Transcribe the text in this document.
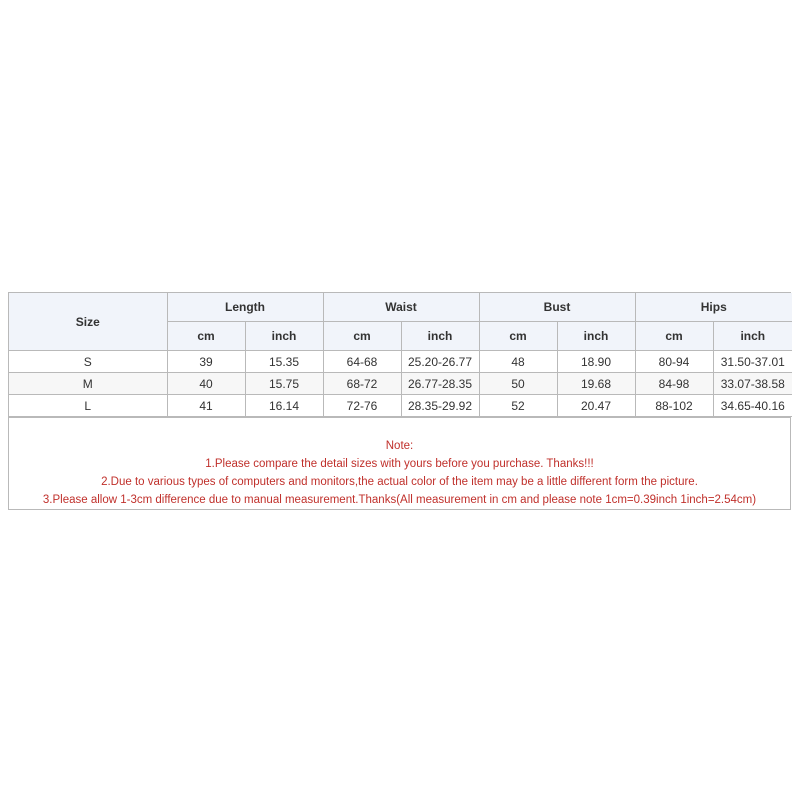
Size	Length		Waist		Bust		Hips	
	cm	inch	cm	inch	cm	inch	cm	inch
S	39	15.35	64-68	25.20-26.77	48	18.90	80-94	31.50-37.01
M	40	15.75	68-72	26.77-28.35	50	19.68	84-98	33.07-38.58
L	41	16.14	72-76	28.35-29.92	52	20.47	88-102	34.65-40.16
Note:
1.Please compare the detail sizes with yours before you purchase. Thanks!!!
2.Due to various types of computers and monitors,the actual color of the item may be a little different form the picture.
3.Please allow 1-3cm difference due to manual measurement.Thanks(All measurement in cm and please note 1cm=0.39inch 1inch=2.54cm)
